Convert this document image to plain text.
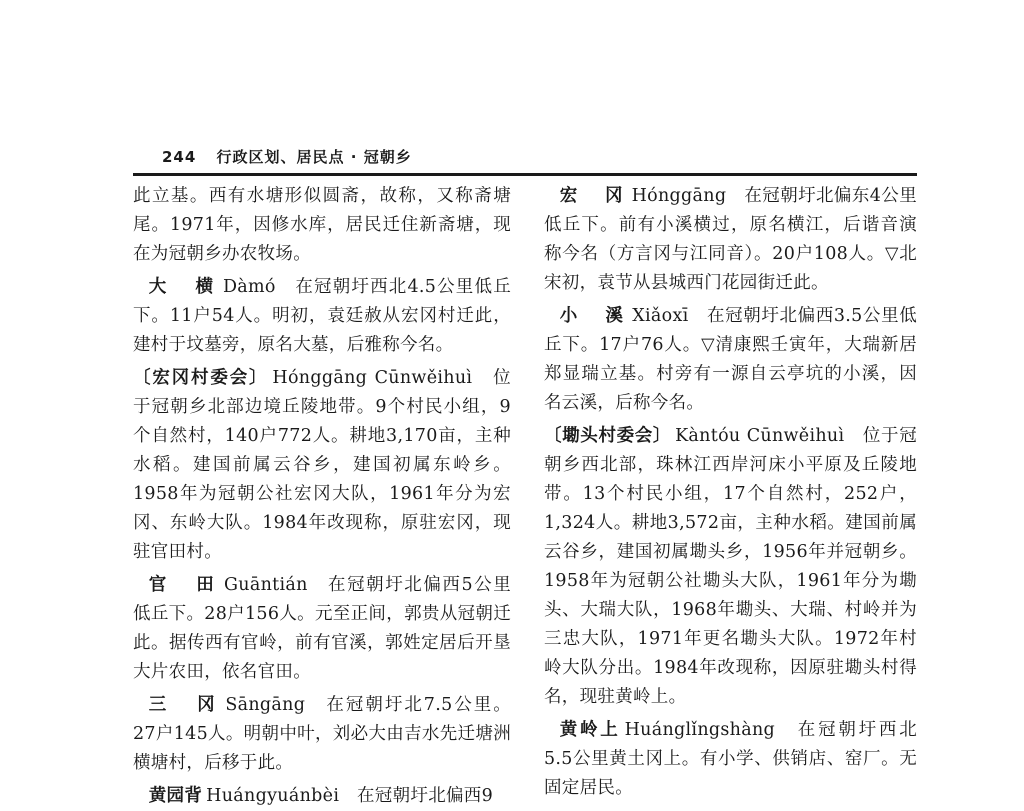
244 行政区划、居民点 · 冠朝乡

此立基。西有水塘形似圆斋，故称，又称斋塘尾。1971年，因修水库，居民迁住新斋塘，现在为冠朝乡办农牧场。

大　横 Dàmó　在冠朝圩西北4.5公里低丘下。11户54人。明初，袁廷赦从宏冈村迁此，建村于坟墓旁，原名大墓，后雅称今名。

〔宏冈村委会〕 Hónggāng Cūnwěihuì　位于冠朝乡北部边境丘陵地带。9个村民小组，9个自然村，140户772人。耕地3,170亩，主种水稻。建国前属云谷乡，建国初属东岭乡。1958年为冠朝公社宏冈大队，1961年分为宏冈、东岭大队。1984年改现称，原驻宏冈，现驻官田村。

官　田 Guāntián　在冠朝圩北偏西5公里低丘下。28户156人。元至正间，郭贵从冠朝迁此。据传西有官岭，前有官溪，郭姓定居后开垦大片农田，依名官田。

三　冈 Sāngāng　在冠朝圩北7.5公里。27户145人。明朝中叶，刘必大由吉水先迁塘洲横塘村，后移于此。

黄园背 Huángyuánbèi　在冠朝圩北偏西9

宏　冈 Hónggāng　在冠朝圩北偏东4公里低丘下。前有小溪横过，原名横江，后谐音演称今名（方言冈与江同音）。20户108人。▽北宋初，袁节从县城西门花园街迁此。

小　溪 Xiǎoxī　在冠朝圩北偏西3.5公里低丘下。17户76人。▽清康熙壬寅年，大瑞新居郑显瑞立基。村旁有一源自云亭坑的小溪，因名云溪，后称今名。

〔墈头村委会〕 Kàntóu Cūnwěihuì　位于冠朝乡西北部，珠林江西岸河床小平原及丘陵地带。13个村民小组，17个自然村，252户，1,324人。耕地3,572亩，主种水稻。建国前属云谷乡，建国初属墈头乡，1956年并冠朝乡。1958年为冠朝公社墈头大队，1961年分为墈头、大瑞大队，1968年墈头、大瑞、村岭并为三忠大队，1971年更名墈头大队。1972年村岭大队分出。1984年改现称，因原驻墈头村得名，现驻黄岭上。

黄岭上 Huánglǐngshàng　在冠朝圩西北5.5公里黄土冈上。有小学、供销店、窑厂。无固定居民。
